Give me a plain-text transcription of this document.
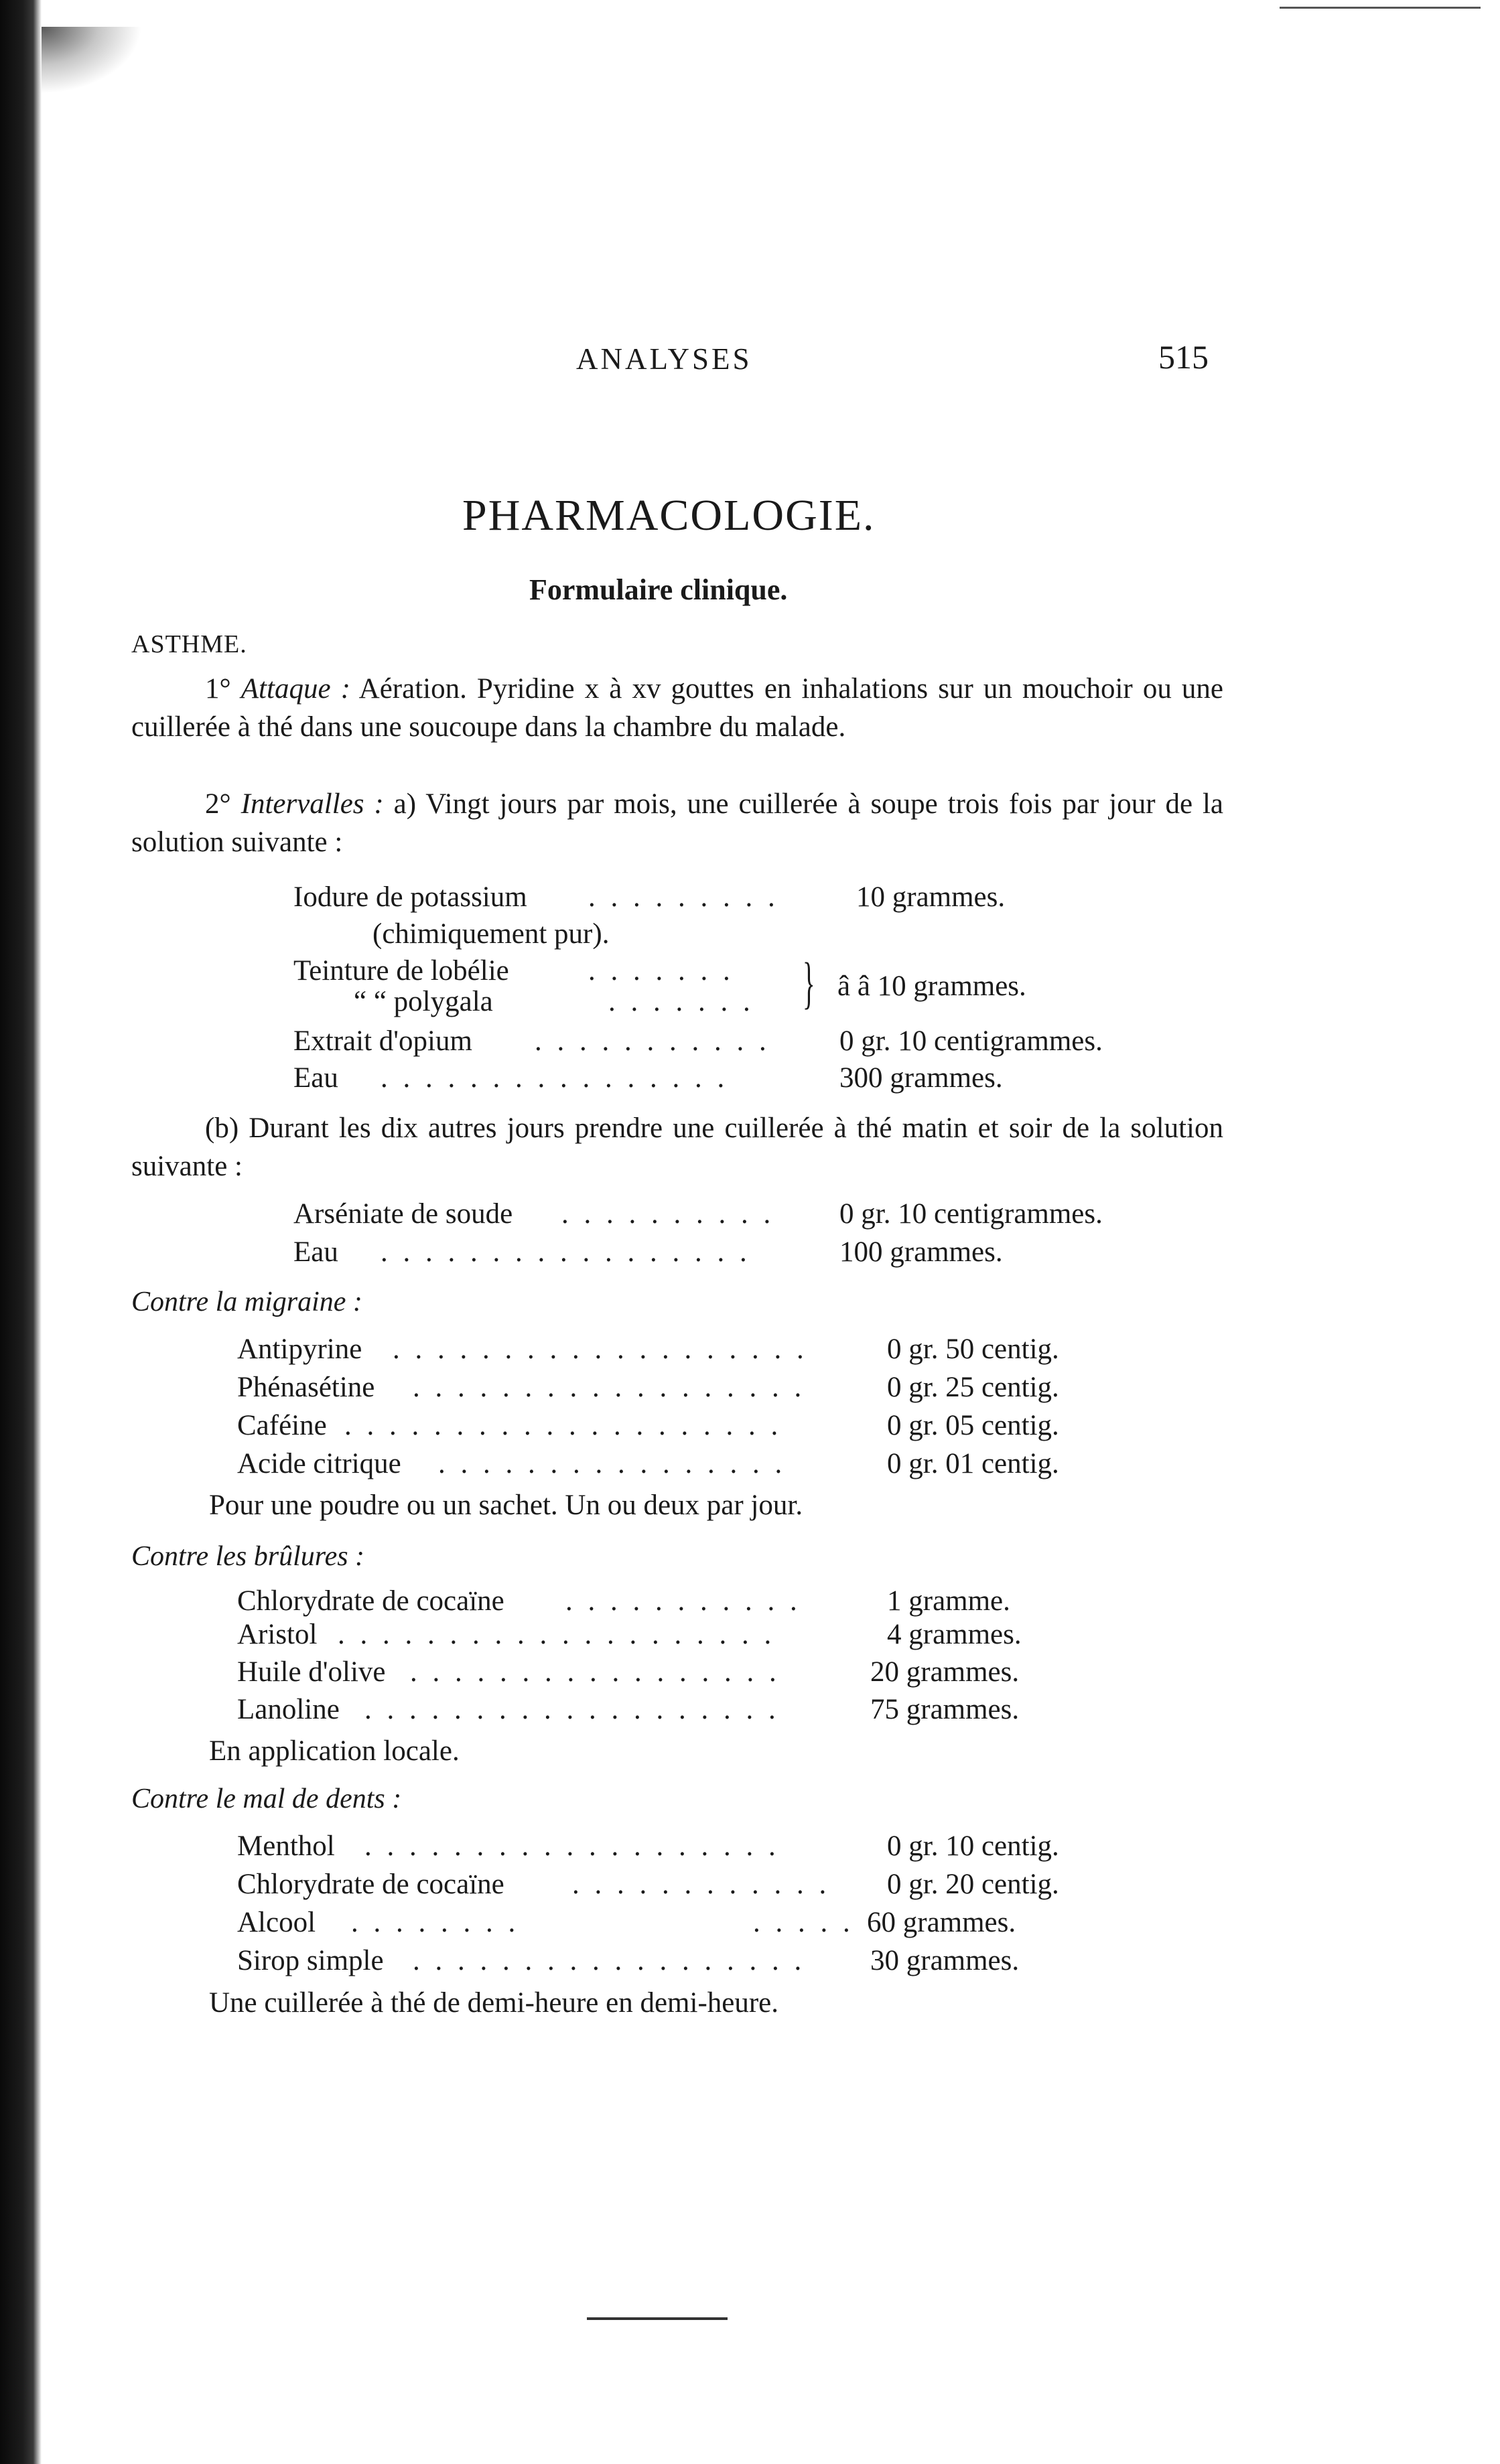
ANALYSES	515
PHARMACOLOGIE.
Formulaire clinique.
ASTHME.
1° Attaque : Aération. Pyridine x à xv gouttes en inhalations sur un mouchoir ou une cuillerée à thé dans une soucoupe dans la chambre du malade.
2° Intervalles : a) Vingt jours par mois, une cuillerée à soupe trois fois par jour de la solution suivante :
Iodure de potassium . . . . . . . . .	10 grammes.
(chimiquement pur).
Teinture de lobélie	. . . . . . .
“ “ polygala	. . . . . . . } â â 10 grammes.
Extrait d'opium . . . . . . . . . . .	0 gr. 10 centigrammes.
Eau . . . . . . . . . . . . . . . .	300 grammes.
(b) Durant les dix autres jours prendre une cuillerée à thé matin et soir de la solution suivante :
Arséniate de soude . . . . . . . . . .	0 gr. 10 centigrammes.
Eau . . . . . . . . . . . . . . . . .	100 grammes.
Contre la migraine :
Antipyrine . . . . . . . . . . . . . . . . . . .	0 gr. 50 centig.
Phénasétine . . . . . . . . . . . . . . . . . .	0 gr. 25 centig.
Caféine . . . . . . . . . . . . . . . . . . . .	0 gr. 05 centig.
Acide citrique . . . . . . . . . . . . . . . .	0 gr. 01 centig.
Pour une poudre ou un sachet. Un ou deux par jour.
Contre les brûlures :
Chlorydrate de cocaïne . . . . . . . . . . .	1 gramme.
Aristol . . . . . . . . . . . . . . . . . . . .	4 grammes.
Huile d'olive . . . . . . . . . . . . . . . . .	20 grammes.
Lanoline . . . . . . . . . . . . . . . . . . .	75 grammes.
En application locale.
Contre le mal de dents :
Menthol . . . . . . . . . . . . . . . . . . .	0 gr. 10 centig.
Chlorydrate de cocaïne . . . . . . . . . . . .	0 gr. 20 centig.
Alcool . . . . . . . .	. . . . . 60 grammes.
Sirop simple . . . . . . . . . . . . . . . . . .	30 grammes.
Une cuillerée à thé de demi-heure en demi-heure.
